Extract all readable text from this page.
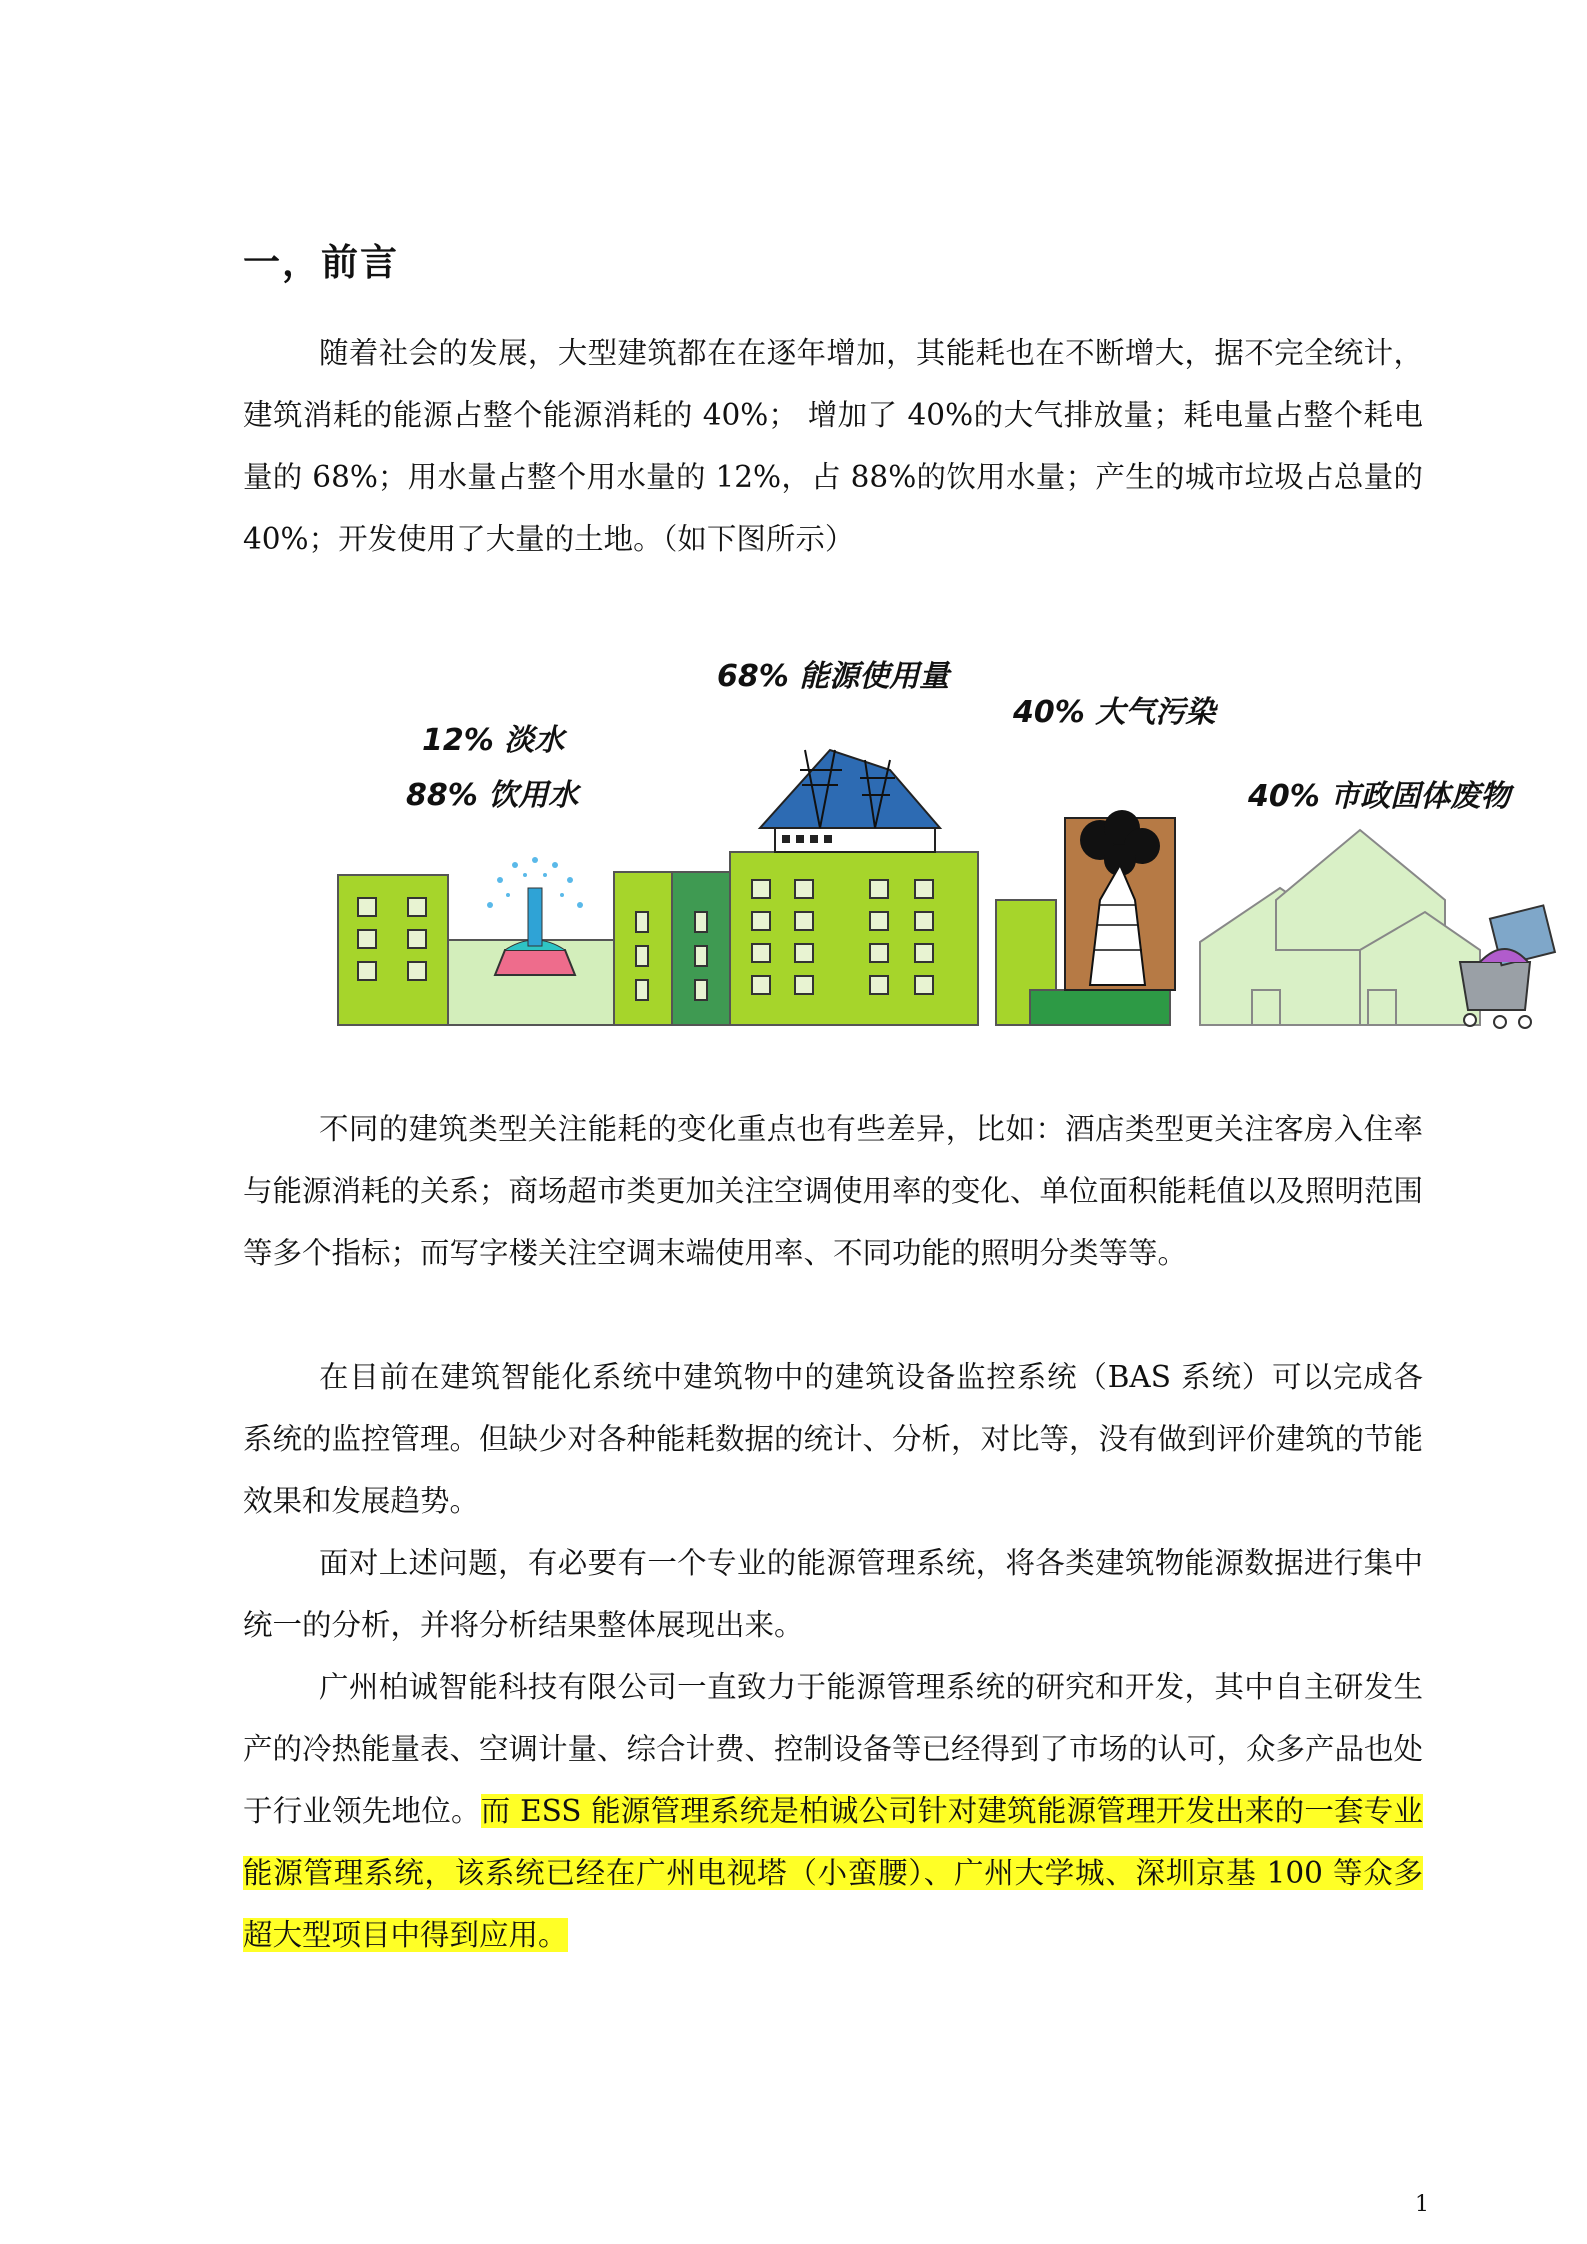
一，前言

随着社会的发展，大型建筑都在在逐年增加，其能耗也在不断增大，据不完全统计，建筑消耗的能源占整个能源消耗的 40%； 增加了 40%的大气排放量；耗电量占整个耗电量的 68%；用水量占整个用水量的 12%，占 88%的饮用水量；产生的城市垃圾占总量的 40%；开发使用了大量的土地。（如下图所示）

12% 淡水
88% 饮用水
68% 能源使用量
40% 大气污染
40% 市政固体废物

不同的建筑类型关注能耗的变化重点也有些差异，比如：酒店类型更关注客房入住率与能源消耗的关系；商场超市类更加关注空调使用率的变化、单位面积能耗值以及照明范围等多个指标；而写字楼关注空调末端使用率、不同功能的照明分类等等。

在目前在建筑智能化系统中建筑物中的建筑设备监控系统（BAS 系统）可以完成各系统的监控管理。但缺少对各种能耗数据的统计、分析，对比等，没有做到评价建筑的节能效果和发展趋势。

面对上述问题，有必要有一个专业的能源管理系统，将各类建筑物能源数据进行集中统一的分析，并将分析结果整体展现出来。

广州柏诚智能科技有限公司一直致力于能源管理系统的研究和开发，其中自主研发生产的冷热能量表、空调计量、综合计费、控制设备等已经得到了市场的认可，众多产品也处于行业领先地位。而 ESS 能源管理系统是柏诚公司针对建筑能源管理开发出来的一套专业能源管理系统，该系统已经在广州电视塔（小蛮腰）、广州大学城、深圳京基 100 等众多超大型项目中得到应用。

1
